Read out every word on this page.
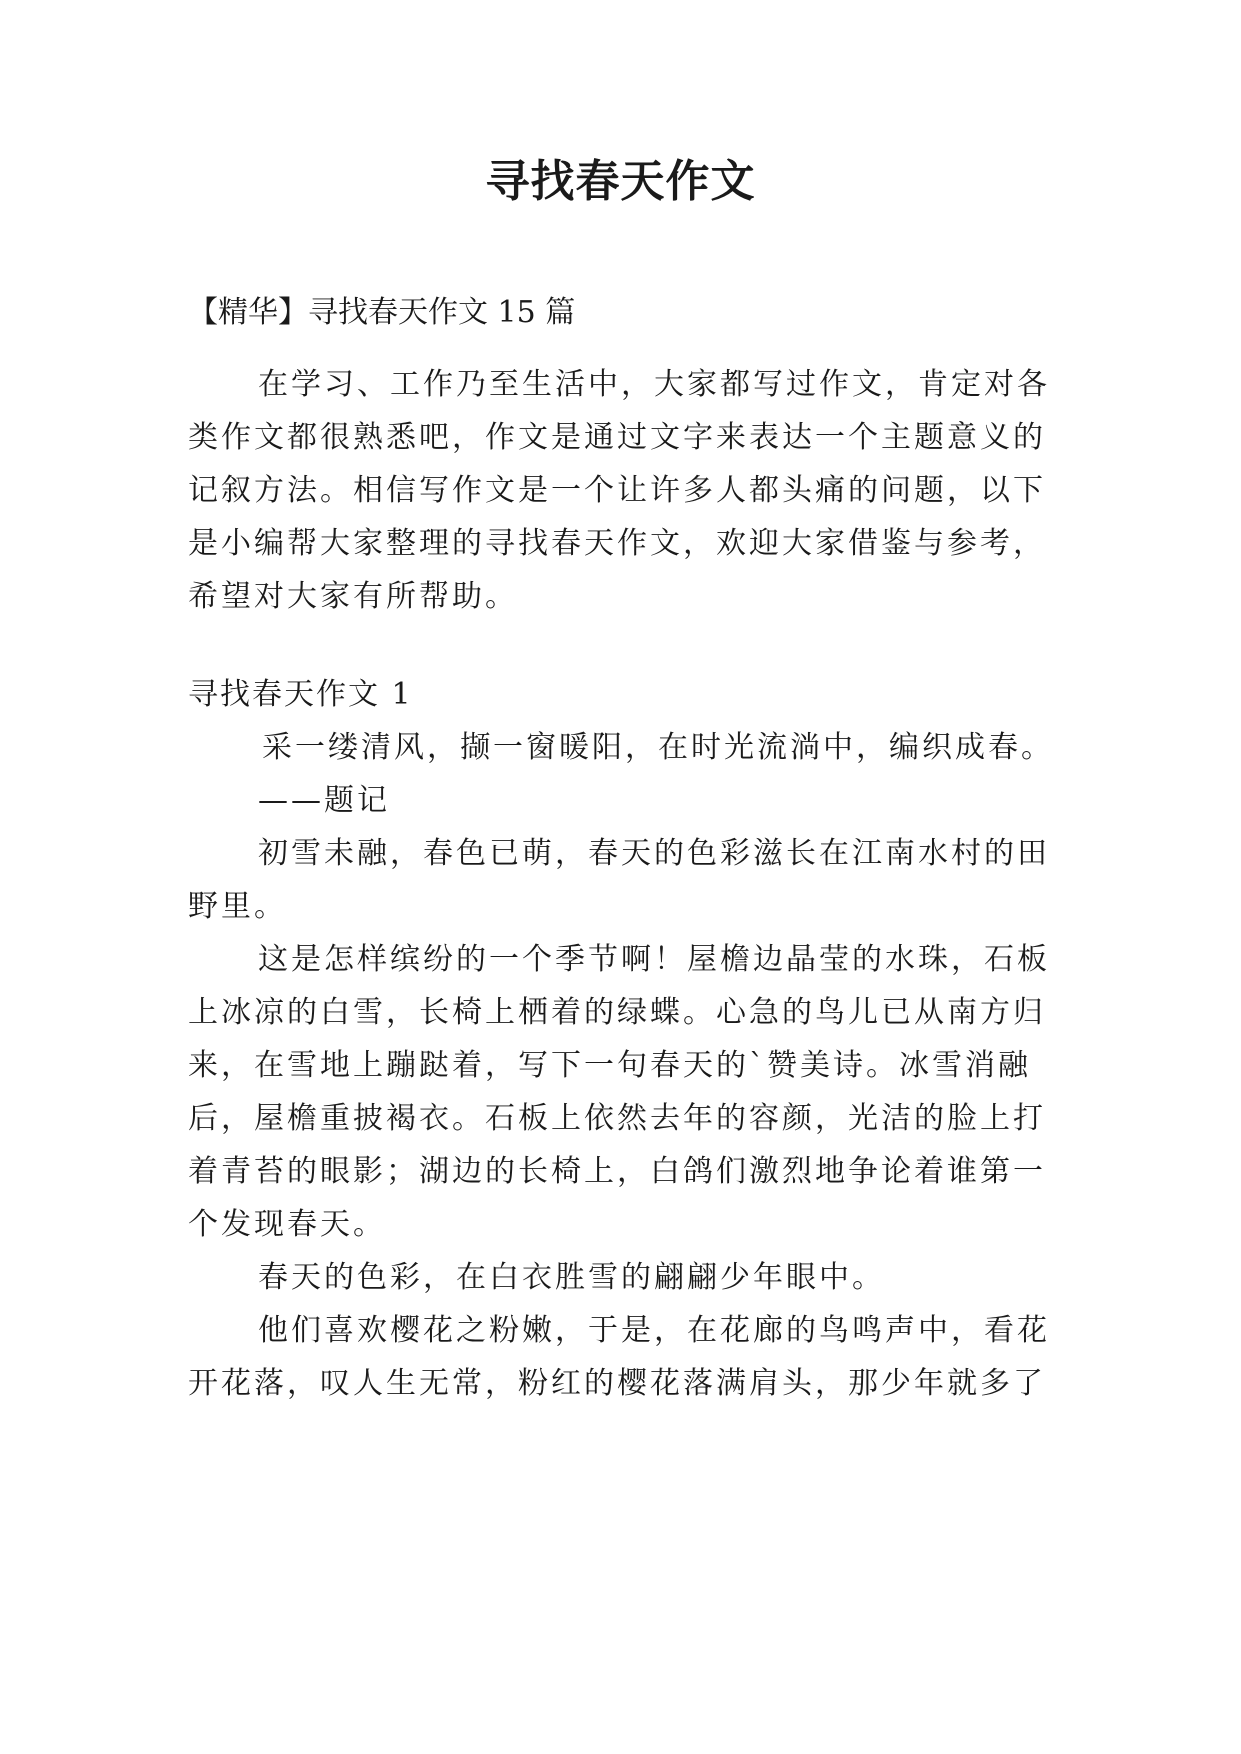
寻找春天作文
【精华】寻找春天作文 15 篇
在学习、工作乃至生活中，大家都写过作文，肯定对各
类作文都很熟悉吧，作文是通过文字来表达一个主题意义的
记叙方法。相信写作文是一个让许多人都头痛的问题，以下
是小编帮大家整理的寻找春天作文，欢迎大家借鉴与参考，
希望对大家有所帮助。
寻找春天作文 1
采一缕清风，撷一窗暖阳，在时光流淌中，编织成春。
——题记
初雪未融，春色已萌，春天的色彩滋长在江南水村的田
野里。
这是怎样缤纷的一个季节啊！屋檐边晶莹的水珠，石板
上冰凉的白雪，长椅上栖着的绿蝶。心急的鸟儿已从南方归
来，在雪地上蹦跶着，写下一句春天的`赞美诗。冰雪消融
后，屋檐重披褐衣。石板上依然去年的容颜，光洁的脸上打
着青苔的眼影；湖边的长椅上，白鸽们激烈地争论着谁第一
个发现春天。
春天的色彩，在白衣胜雪的翩翩少年眼中。
他们喜欢樱花之粉嫩，于是，在花廊的鸟鸣声中，看花
开花落，叹人生无常，粉红的樱花落满肩头，那少年就多了
